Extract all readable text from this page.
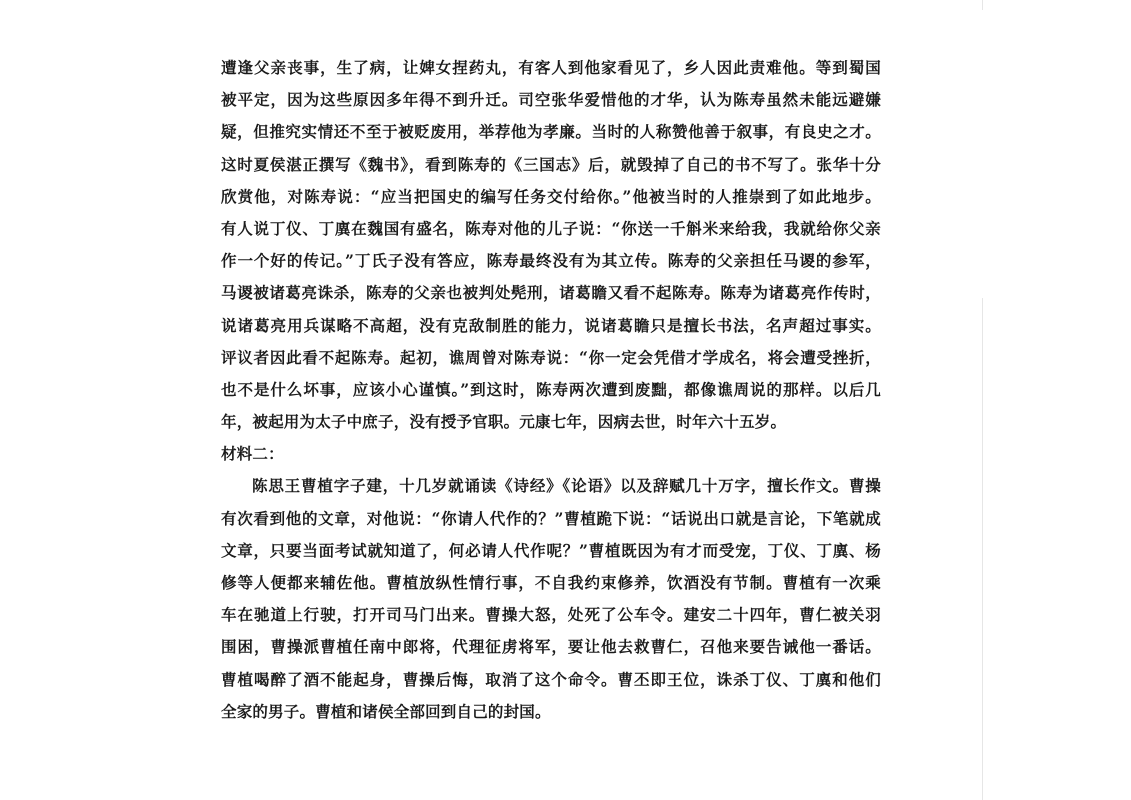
遭逢父亲丧事，生了病，让婢女捏药丸，有客人到他家看见了，乡人因此责难他。等到蜀国
被平定，因为这些原因多年得不到升迁。司空张华爱惜他的才华，认为陈寿虽然未能远避嫌
疑，但推究实情还不至于被贬废用，举荐他为孝廉。当时的人称赞他善于叙事，有良史之才。
这时夏侯湛正撰写《魏书》，看到陈寿的《三国志》后，就毁掉了自己的书不写了。张华十分
欣赏他，对陈寿说：“应当把国史的编写任务交付给你。”他被当时的人推崇到了如此地步。
有人说丁仪、丁廙在魏国有盛名，陈寿对他的儿子说：“你送一千斛米来给我，我就给你父亲
作一个好的传记。”丁氏子没有答应，陈寿最终没有为其立传。陈寿的父亲担任马谡的参军，
马谡被诸葛亮诛杀，陈寿的父亲也被判处髡刑，诸葛瞻又看不起陈寿。陈寿为诸葛亮作传时，
说诸葛亮用兵谋略不高超，没有克敌制胜的能力，说诸葛瞻只是擅长书法，名声超过事实。
评议者因此看不起陈寿。起初，谯周曾对陈寿说：“你一定会凭借才学成名，将会遭受挫折，
也不是什么坏事，应该小心谨慎。”到这时，陈寿两次遭到废黜，都像谯周说的那样。以后几
年，被起用为太子中庶子，没有授予官职。元康七年，因病去世，时年六十五岁。
材料二：
陈思王曹植字子建，十几岁就诵读《诗经》《论语》以及辞赋几十万字，擅长作文。曹操
有次看到他的文章，对他说：“你请人代作的？”曹植跪下说：“话说出口就是言论，下笔就成
文章，只要当面考试就知道了，何必请人代作呢？”曹植既因为有才而受宠，丁仪、丁廙、杨
修等人便都来辅佐他。曹植放纵性情行事，不自我约束修养，饮酒没有节制。曹植有一次乘
车在驰道上行驶，打开司马门出来。曹操大怒，处死了公车令。建安二十四年，曹仁被关羽
围困，曹操派曹植任南中郎将，代理征虏将军，要让他去救曹仁，召他来要告诫他一番话。
曹植喝醉了酒不能起身，曹操后悔，取消了这个命令。曹丕即王位，诛杀丁仪、丁廙和他们
全家的男子。曹植和诸侯全部回到自己的封国。
